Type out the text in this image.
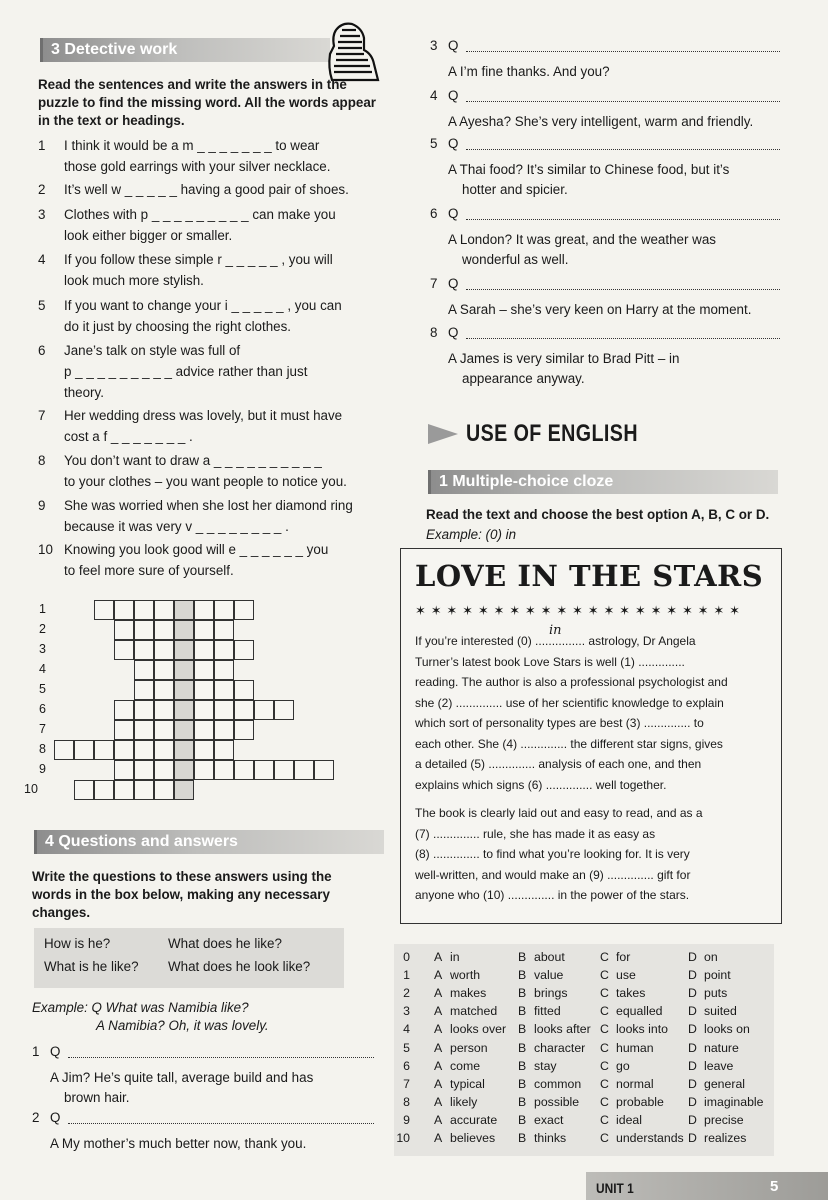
3 Detective work
Read the sentences and write the answers in the puzzle to find the missing word. All the words appear in the text or headings.
1 I think it would be a m _ _ _ _ _ _ _ to wear
those gold earrings with your silver necklace.
2 It’s well w _ _ _ _ _ having a good pair of shoes.
3 Clothes with p _ _ _ _ _ _ _ _ _ can make you
look either bigger or smaller.
4 If you follow these simple r _ _ _ _ _ , you will
look much more stylish.
5 If you want to change your i _ _ _ _ _ , you can
do it just by choosing the right clothes.
6 Jane’s talk on style was full of
p _ _ _ _ _ _ _ _ _ advice rather than just
theory.
7 Her wedding dress was lovely, but it must have
cost a f _ _ _ _ _ _ _ .
8 You don’t want to draw a _ _ _ _ _ _ _ _ _ _
to your clothes – you want people to notice you.
9 She was worried when she lost her diamond ring
because it was very v _ _ _ _ _ _ _ _ .
10 Knowing you look good will e _ _ _ _ _ _ you
to feel more sure of yourself.
1
2
3
4
5
6
7
8
9
10
4 Questions and answers
Write the questions to these answers using the words in the box below, making any necessary changes.
How is he?	What does he like?
What is he like? What does he look like?
Example: Q What was Namibia like?
A Namibia? Oh, it was lovely.
1 Q
A Jim? He’s quite tall, average build and has
brown hair.
2 Q
A My mother’s much better now, thank you.
3 Q
A I’m fine thanks. And you?
4 Q
A Ayesha? She’s very intelligent, warm and friendly.
5 Q
A Thai food? It’s similar to Chinese food, but it’s
hotter and spicier.
6 Q
A London? It was great, and the weather was
wonderful as well.
7 Q
A Sarah – she’s very keen on Harry at the moment.
8 Q
A James is very similar to Brad Pitt – in
appearance anyway.
USE OF ENGLISH
1 Multiple-choice cloze
Read the text and choose the best option A, B, C or D.
Example: (0) in
LOVE IN THE STARS
✶ ✶ ✶ ✶ ✶ ✶ ✶ ✶ ✶ ✶ ✶ ✶ ✶ ✶ ✶ ✶ ✶ ✶ ✶ ✶ ✶
in

If you’re interested (0) ............... astrology, Dr Angela

Turner’s latest book Love Stars is well (1) ..............

reading. The author is also a professional psychologist and

she (2) .............. use of her scientific knowledge to explain

which sort of personality types are best (3) .............. to

each other. She (4) .............. the different star signs, gives

a detailed (5) .............. analysis of each one, and then

explains which signs (6) .............. well together.

The book is clearly laid out and easy to read, and as a

(7) .............. rule, she has made it as easy as

(8) .............. to find what you’re looking for. It is very

well-written, and would make an (9) .............. gift for

anyone who (10) .............. in the power of the stars.

0 A in	B about	C for	D on
1 A worth	B value	C use	D point
2 A makes	B brings	C takes	D puts
3 A matched B fitted	C equalled D suited
4 A looks over B looks after C looks into D looks on
5 A person B character C human	D nature
6 A come	B stay	C go	D leave
7 A typical	B common C normal	D general
8 A likely	B possible C probable D imaginable
9 A accurate B exact	C ideal	D precise
10 A believes B thinks	C understands D realizes
UNIT 1	5
